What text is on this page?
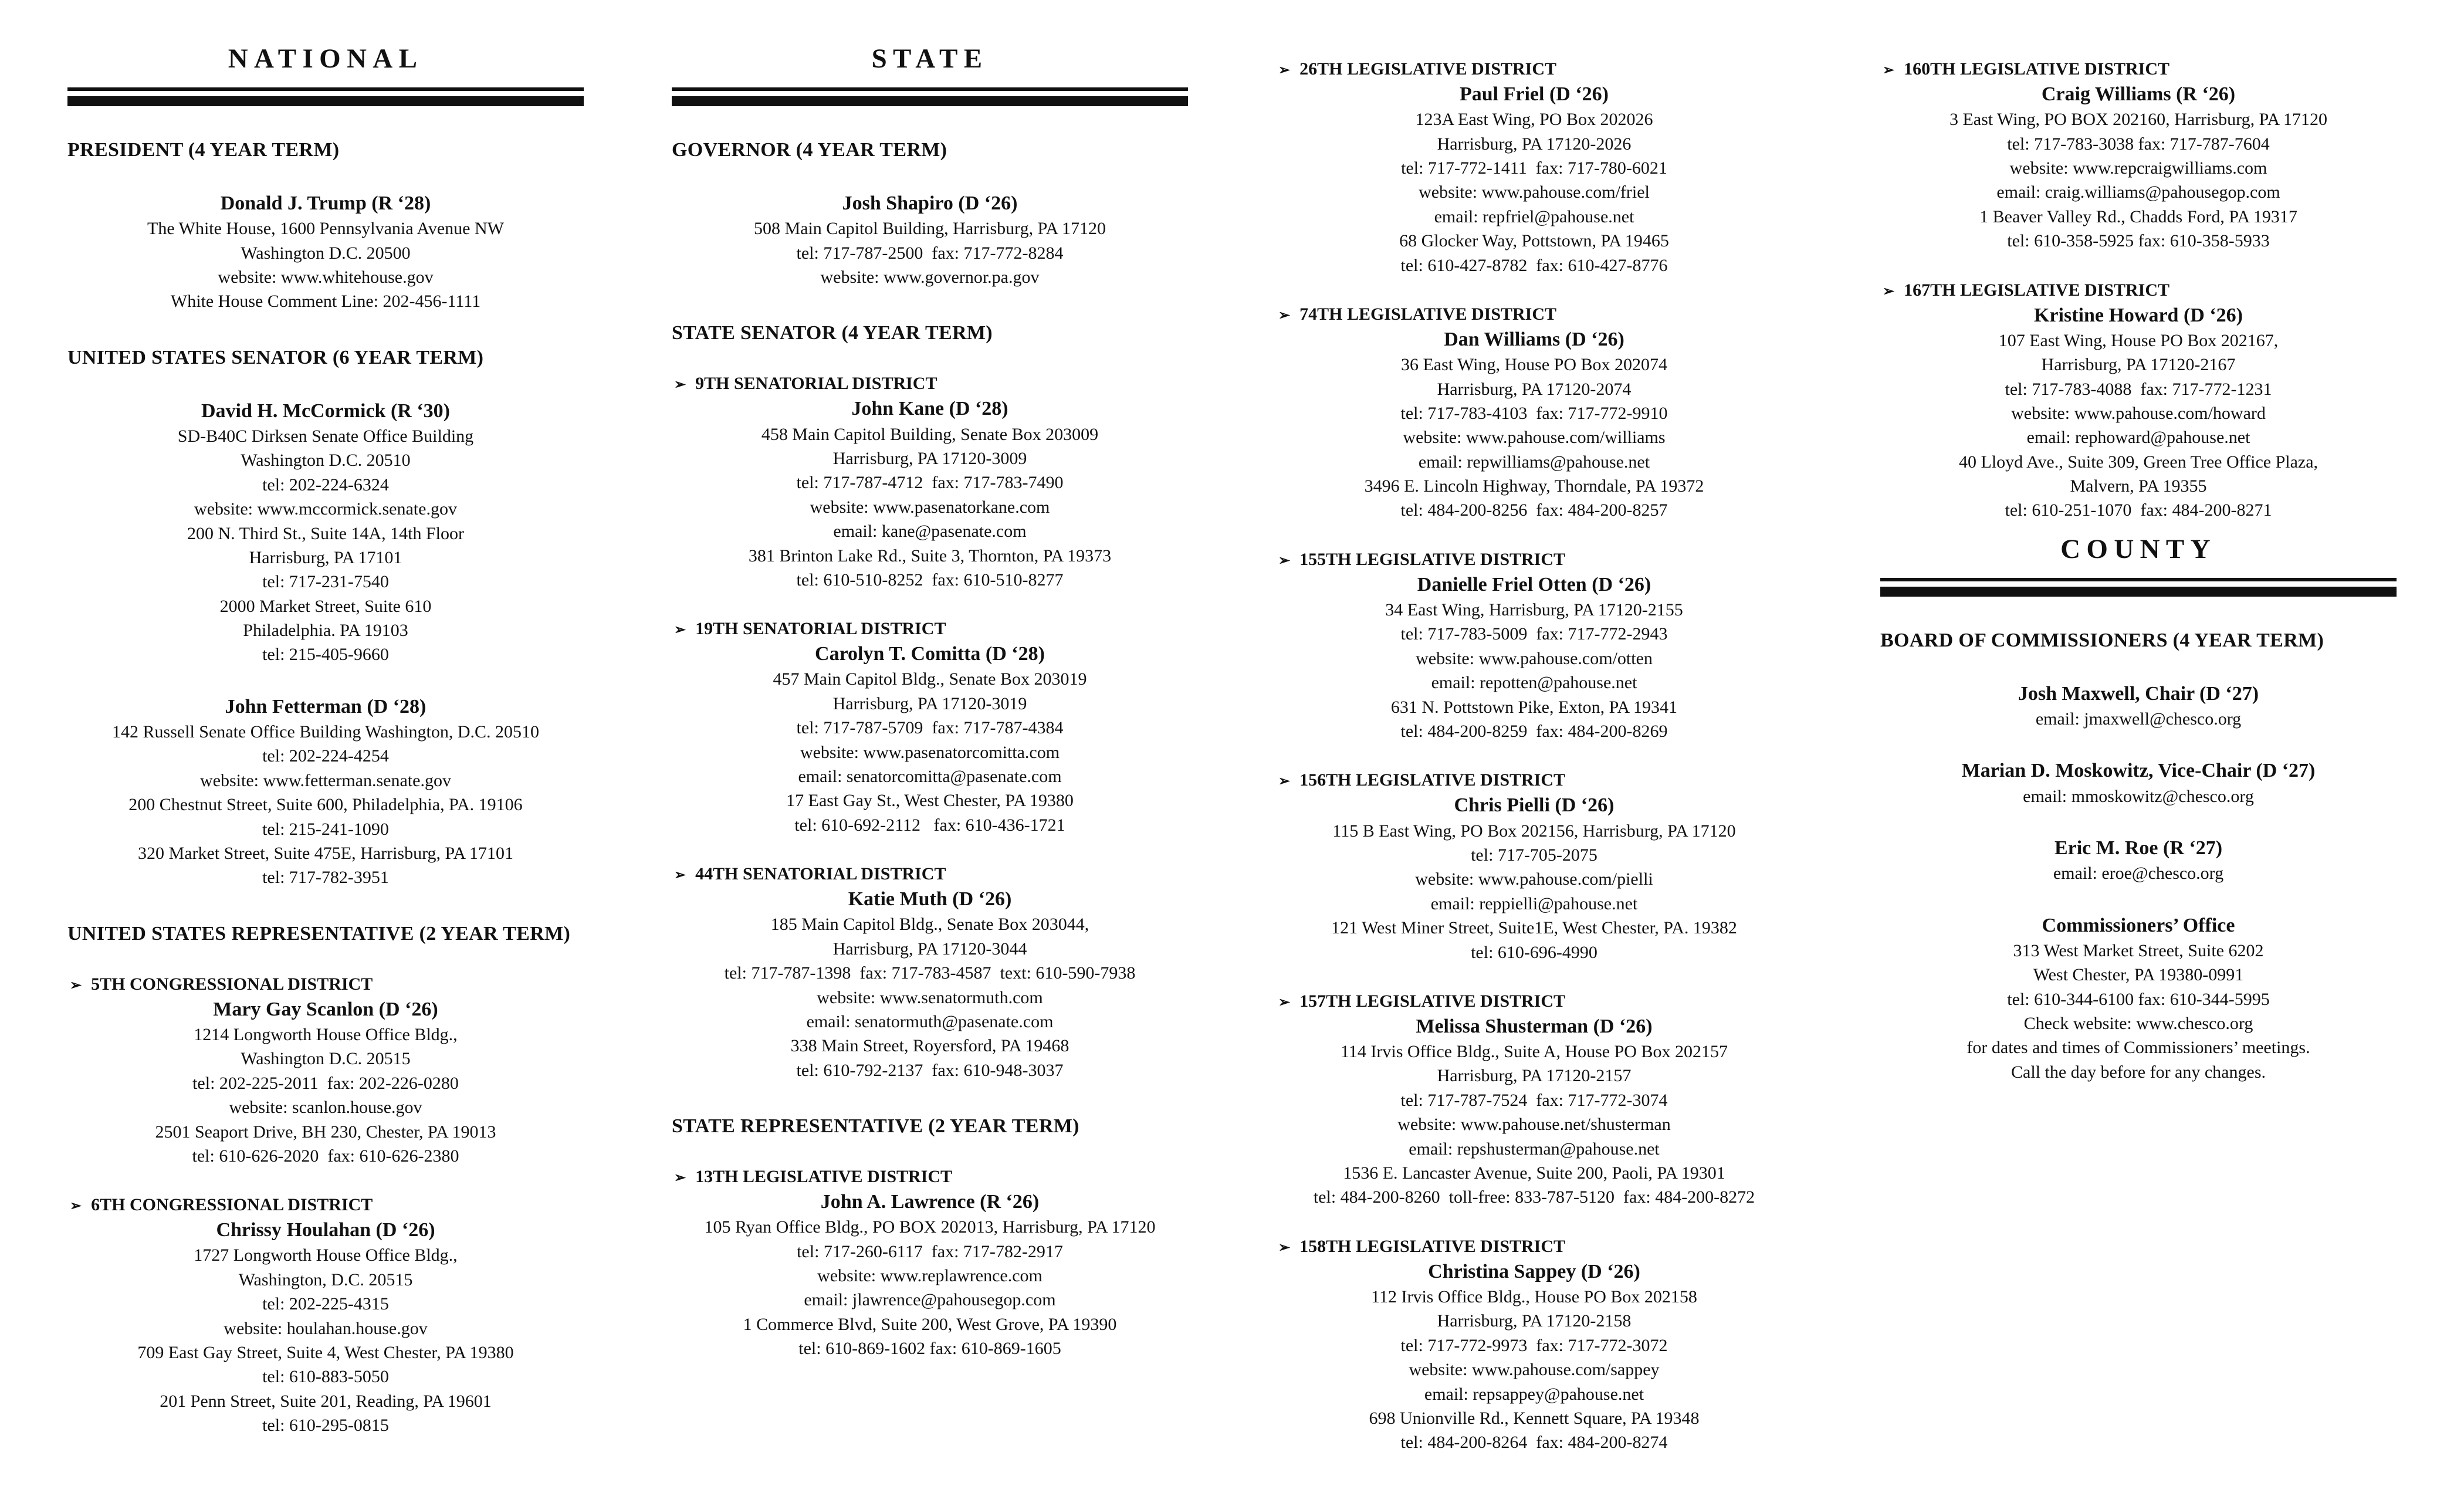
NATIONAL
PRESIDENT (4 YEAR TERM)
Donald J. Trump (R ‘28)
The White House, 1600 Pennsylvania Avenue NW
Washington D.C. 20500
website: www.whitehouse.gov
White House Comment Line: 202-456-1111
UNITED STATES SENATOR (6 YEAR TERM)
David H. McCormick (R ‘30)
SD-B40C Dirksen Senate Office Building
Washington D.C. 20510
tel: 202-224-6324
website: www.mccormick.senate.gov
200 N. Third St., Suite 14A, 14th Floor
Harrisburg, PA 17101
tel: 717-231-7540
2000 Market Street, Suite 610
Philadelphia. PA 19103
tel: 215-405-9660
John Fetterman (D ‘28)
142 Russell Senate Office Building Washington, D.C. 20510
tel: 202-224-4254
website: www.fetterman.senate.gov
200 Chestnut Street, Suite 600, Philadelphia, PA. 19106
tel: 215-241-1090
320 Market Street, Suite 475E, Harrisburg, PA 17101
tel: 717-782-3951
UNITED STATES REPRESENTATIVE (2 YEAR TERM)
➢ 5TH CONGRESSIONAL DISTRICT
Mary Gay Scanlon (D ‘26)
1214 Longworth House Office Bldg.,
Washington D.C. 20515
tel: 202-225-2011  fax: 202-226-0280
website: scanlon.house.gov
2501 Seaport Drive, BH 230, Chester, PA 19013
tel: 610-626-2020  fax: 610-626-2380
➢ 6TH CONGRESSIONAL DISTRICT
Chrissy Houlahan (D ‘26)
1727 Longworth House Office Bldg.,
Washington, D.C. 20515
tel: 202-225-4315
website: houlahan.house.gov
709 East Gay Street, Suite 4, West Chester, PA 19380
tel: 610-883-5050
201 Penn Street, Suite 201, Reading, PA 19601
tel: 610-295-0815
STATE
GOVERNOR (4 YEAR TERM)
Josh Shapiro (D ‘26)
508 Main Capitol Building, Harrisburg, PA 17120
tel: 717-787-2500  fax: 717-772-8284
website: www.governor.pa.gov
STATE SENATOR (4 YEAR TERM)
➢ 9TH SENATORIAL DISTRICT
John Kane (D ‘28)
458 Main Capitol Building, Senate Box 203009
Harrisburg, PA 17120-3009
tel: 717-787-4712  fax: 717-783-7490
website: www.pasenatorkane.com
email: kane@pasenate.com
381 Brinton Lake Rd., Suite 3, Thornton, PA 19373
tel: 610-510-8252  fax: 610-510-8277
➢ 19TH SENATORIAL DISTRICT
Carolyn T. Comitta (D ‘28)
457 Main Capitol Bldg., Senate Box 203019
Harrisburg, PA 17120-3019
tel: 717-787-5709  fax: 717-787-4384
website: www.pasenatorcomitta.com
email: senatorcomitta@pasenate.com
17 East Gay St., West Chester, PA 19380
tel: 610-692-2112   fax: 610-436-1721
➢ 44TH SENATORIAL DISTRICT
Katie Muth (D ‘26)
185 Main Capitol Bldg., Senate Box 203044,
Harrisburg, PA 17120-3044
tel: 717-787-1398  fax: 717-783-4587  text: 610-590-7938
website: www.senatormuth.com
email: senatormuth@pasenate.com
338 Main Street, Royersford, PA 19468
tel: 610-792-2137  fax: 610-948-3037
STATE REPRESENTATIVE (2 YEAR TERM)
➢ 13TH LEGISLATIVE DISTRICT
John A. Lawrence (R ‘26)
105 Ryan Office Bldg., PO BOX 202013, Harrisburg, PA 17120
tel: 717-260-6117  fax: 717-782-2917
website: www.replawrence.com
email: jlawrence@pahousegop.com
1 Commerce Blvd, Suite 200, West Grove, PA 19390
tel: 610-869-1602 fax: 610-869-1605
➢ 26TH LEGISLATIVE DISTRICT
Paul Friel (D ‘26)
123A East Wing, PO Box 202026
Harrisburg, PA 17120-2026
tel: 717-772-1411  fax: 717-780-6021
website: www.pahouse.com/friel
email: repfriel@pahouse.net
68 Glocker Way, Pottstown, PA 19465
tel: 610-427-8782  fax: 610-427-8776
➢ 74TH LEGISLATIVE DISTRICT
Dan Williams (D ‘26)
36 East Wing, House PO Box 202074
Harrisburg, PA 17120-2074
tel: 717-783-4103  fax: 717-772-9910
website: www.pahouse.com/williams
email: repwilliams@pahouse.net
3496 E. Lincoln Highway, Thorndale, PA 19372
tel: 484-200-8256  fax: 484-200-8257
➢ 155TH LEGISLATIVE DISTRICT
Danielle Friel Otten (D ‘26)
34 East Wing, Harrisburg, PA 17120-2155
tel: 717-783-5009  fax: 717-772-2943
website: www.pahouse.com/otten
email: repotten@pahouse.net
631 N. Pottstown Pike, Exton, PA 19341
tel: 484-200-8259  fax: 484-200-8269
➢ 156TH LEGISLATIVE DISTRICT
Chris Pielli (D ‘26)
115 B East Wing, PO Box 202156, Harrisburg, PA 17120
tel: 717-705-2075
website: www.pahouse.com/pielli
email: reppielli@pahouse.net
121 West Miner Street, Suite1E, West Chester, PA. 19382
tel: 610-696-4990
➢ 157TH LEGISLATIVE DISTRICT
Melissa Shusterman (D ‘26)
114 Irvis Office Bldg., Suite A, House PO Box 202157
Harrisburg, PA 17120-2157
tel: 717-787-7524  fax: 717-772-3074
website: www.pahouse.net/shusterman
email: repshusterman@pahouse.net
1536 E. Lancaster Avenue, Suite 200, Paoli, PA 19301
tel: 484-200-8260  toll-free: 833-787-5120  fax: 484-200-8272
➢ 158TH LEGISLATIVE DISTRICT
Christina Sappey (D ‘26)
112 Irvis Office Bldg., House PO Box 202158
Harrisburg, PA 17120-2158
tel: 717-772-9973  fax: 717-772-3072
website: www.pahouse.com/sappey
email: repsappey@pahouse.net
698 Unionville Rd., Kennett Square, PA 19348
tel: 484-200-8264  fax: 484-200-8274
➢ 160TH LEGISLATIVE DISTRICT
Craig Williams (R ‘26)
3 East Wing, PO BOX 202160, Harrisburg, PA 17120
tel: 717-783-3038 fax: 717-787-7604
website: www.repcraigwilliams.com
email: craig.williams@pahousegop.com
1 Beaver Valley Rd., Chadds Ford, PA 19317
tel: 610-358-5925 fax: 610-358-5933
➢ 167TH LEGISLATIVE DISTRICT
Kristine Howard (D ‘26)
107 East Wing, House PO Box 202167,
Harrisburg, PA 17120-2167
tel: 717-783-4088  fax: 717-772-1231
website: www.pahouse.com/howard
email: rephoward@pahouse.net
40 Lloyd Ave., Suite 309, Green Tree Office Plaza,
Malvern, PA 19355
tel: 610-251-1070  fax: 484-200-8271
COUNTY
BOARD OF COMMISSIONERS (4 YEAR TERM)
Josh Maxwell, Chair (D ‘27)
email: jmaxwell@chesco.org
Marian D. Moskowitz, Vice-Chair (D ‘27)
email: mmoskowitz@chesco.org
Eric M. Roe (R ‘27)
email: eroe@chesco.org
Commissioners’ Office
313 West Market Street, Suite 6202
West Chester, PA 19380-0991
tel: 610-344-6100 fax: 610-344-5995
Check website: www.chesco.org
for dates and times of Commissioners’ meetings.
Call the day before for any changes.
